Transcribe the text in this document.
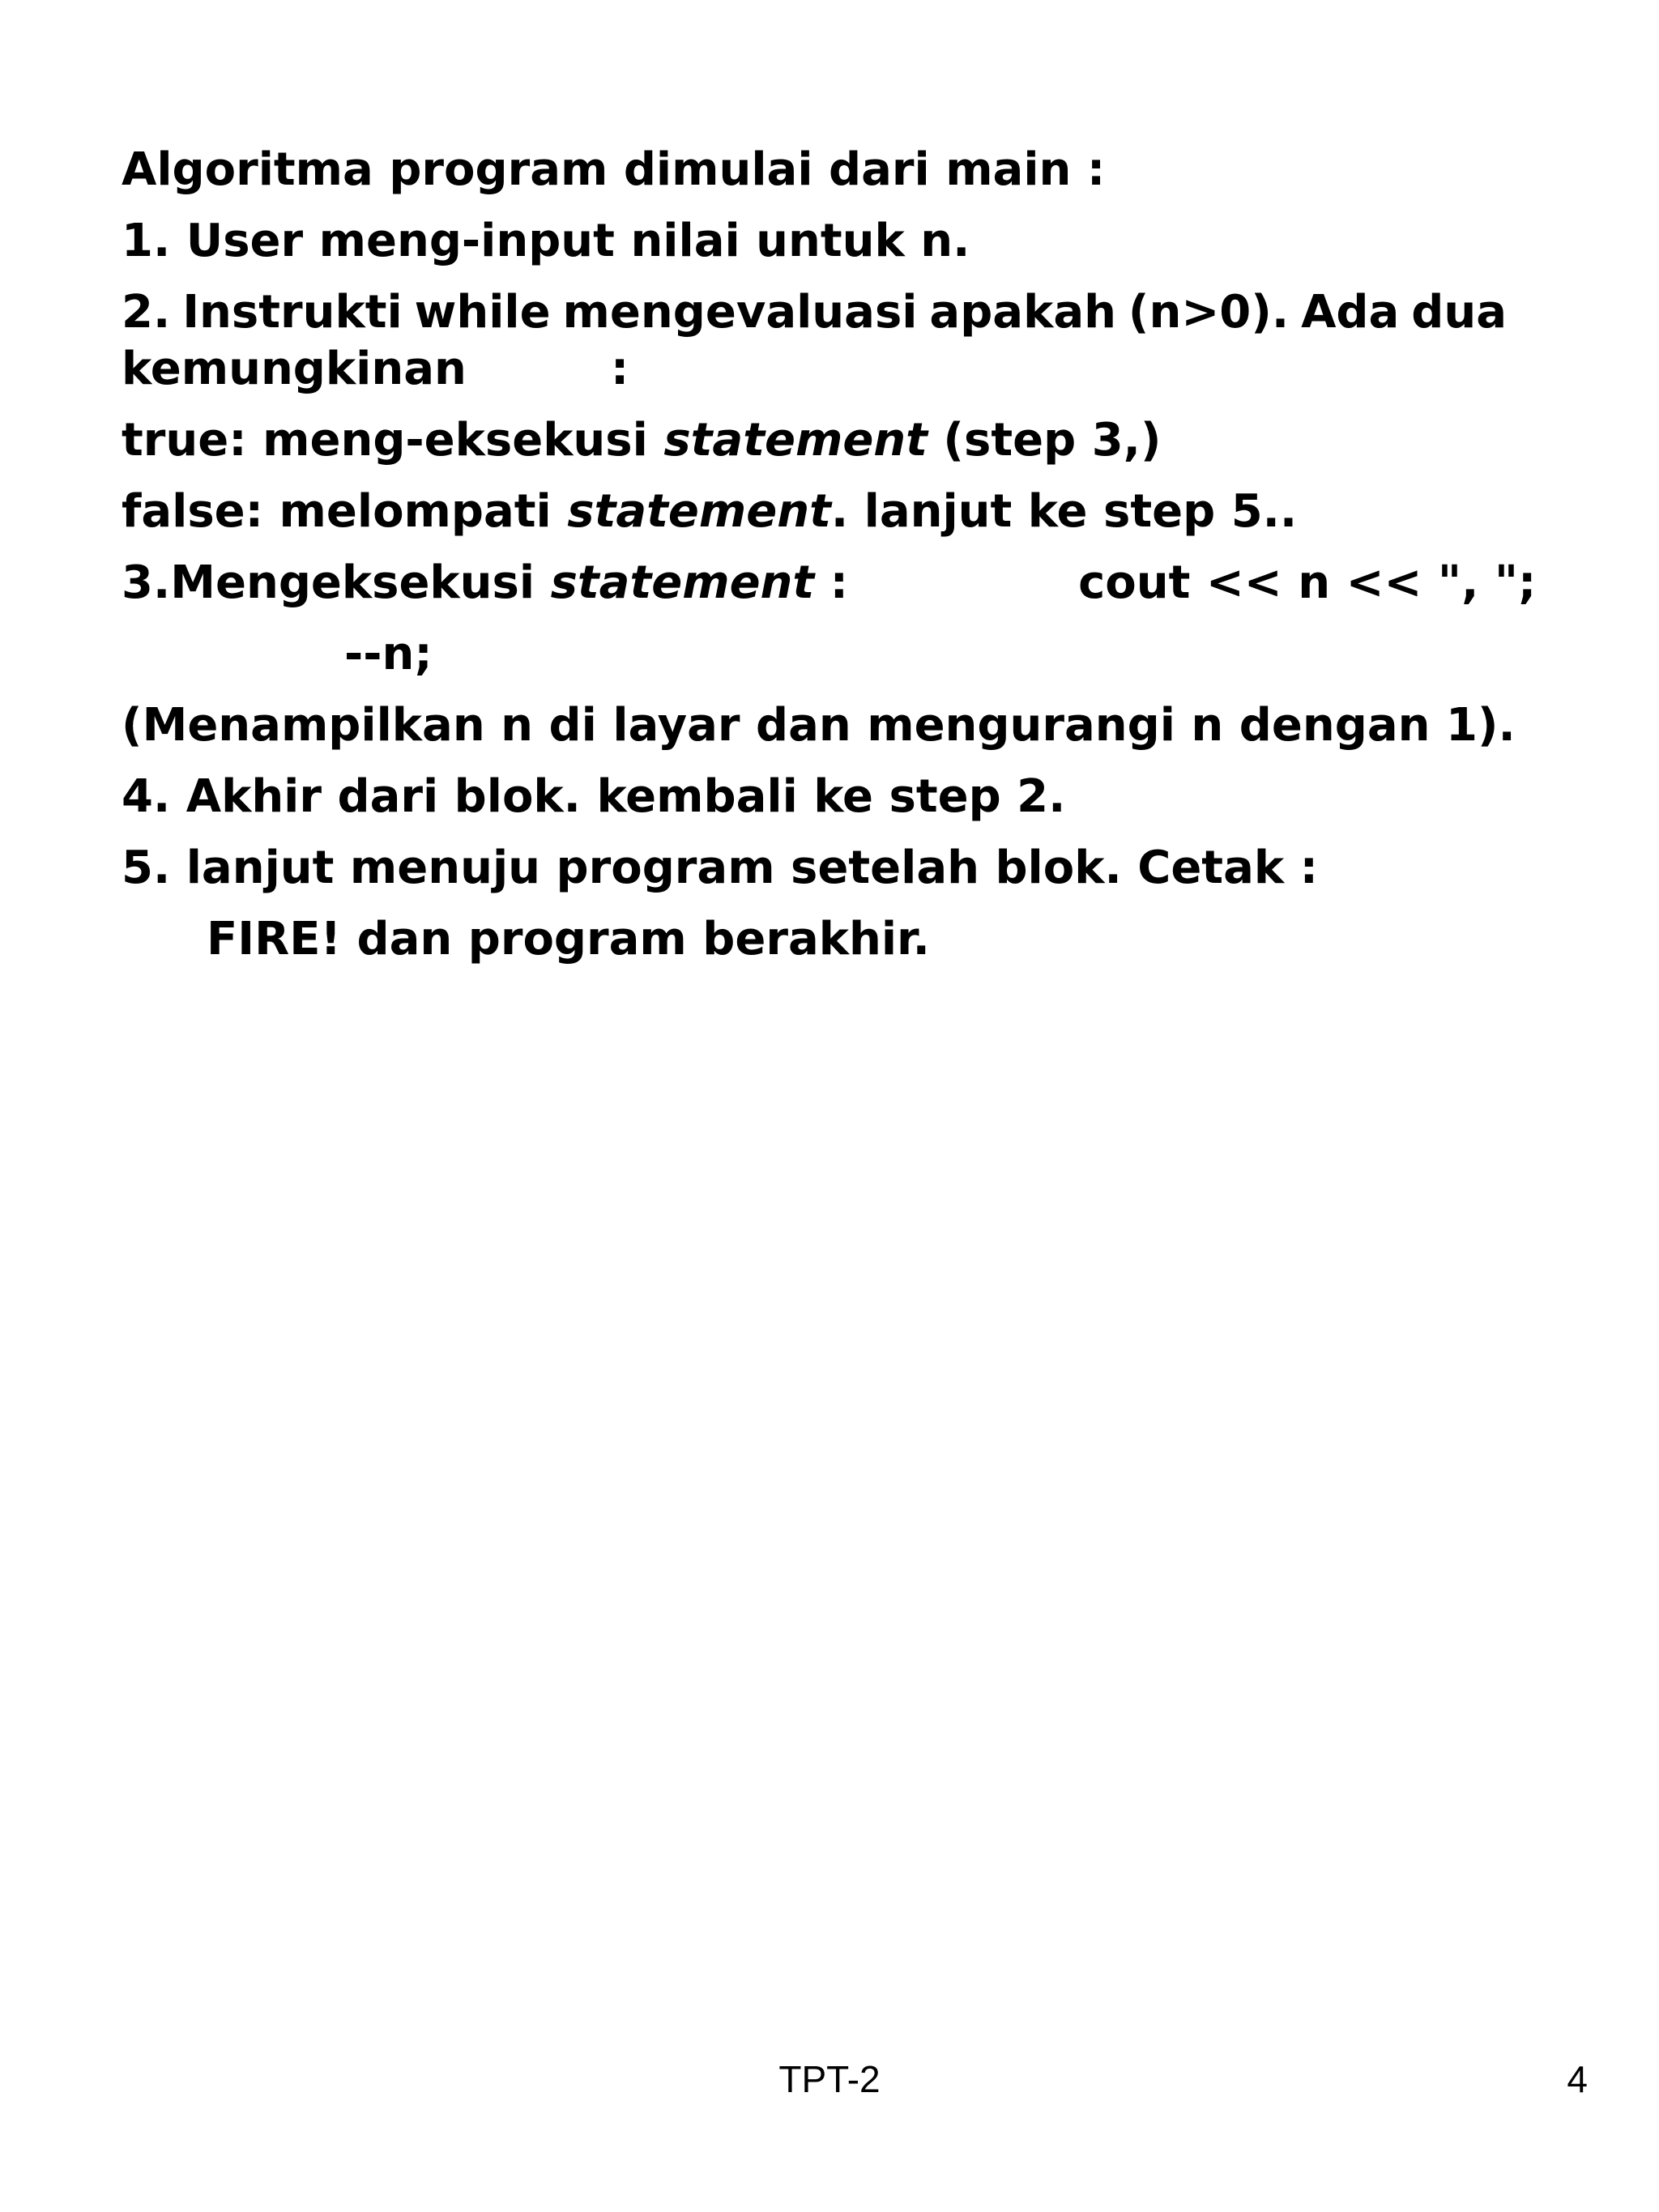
Algoritma program dimulai dari main :

1. User meng-input nilai untuk n.

2. Instrukti while mengevaluasi apakah (n>0). Ada dua
kemungkinan	:

true: meng-eksekusi statement (step 3,)

false: melompati statement. lanjut ke step 5..

3.Mengeksekusi statement :	cout << n << ", ";

--n;

(Menampilkan n di layar dan mengurangi n dengan 1).

4. Akhir dari blok. kembali ke step 2.

5. lanjut menuju program setelah blok. Cetak :

FIRE! dan program berakhir.

TPT-2	4
